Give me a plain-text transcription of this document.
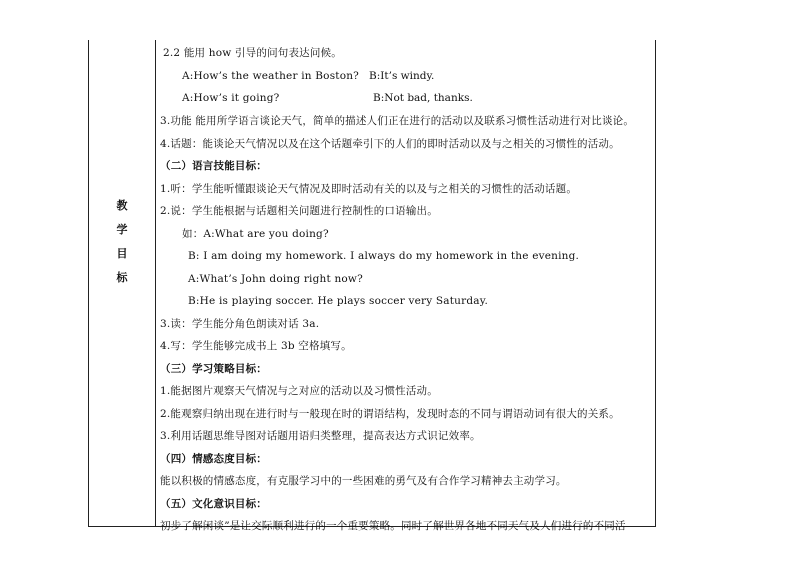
教
学
目
标
2.2 能用 how 引导的问句表达问候。
A:How’s the weather in Boston? B:It’s windy.
A:How’s it going?	B:Not bad, thanks.
3.功能 能用所学语言谈论天气，简单的描述人们正在进行的活动以及联系习惯性活动进行对比谈论。
4.话题：能谈论天气情况以及在这个话题牵引下的人们的即时活动以及与之相关的习惯性的活动。
（二）语言技能目标：
1.听：学生能听懂跟谈论天气情况及即时活动有关的以及与之相关的习惯性的活动话题。
2.说：学生能根据与话题相关问题进行控制性的口语输出。
如：A:What are you doing?
B: I am doing my homework. I always do my homework in the evening.
A:What’s John doing right now?
B:He is playing soccer. He plays soccer very Saturday.
3.读：学生能分角色朗读对话 3a.
4.写：学生能够完成书上 3b 空格填写。
（三）学习策略目标：
1.能据图片观察天气情况与之对应的活动以及习惯性活动。
2.能观察归纳出现在进行时与一般现在时的谓语结构，发现时态的不同与谓语动词有很大的关系。
3.利用话题思维导图对话题用语归类整理，提高表达方式识记效率。
（四）情感态度目标：
能以积极的情感态度，有克服学习中的一些困难的勇气及有合作学习精神去主动学习。
（五）文化意识目标：
初步了解闲谈”是让交际顺利进行的一个重要策略。同时了解世界各地不同天气及人们进行的不同活
